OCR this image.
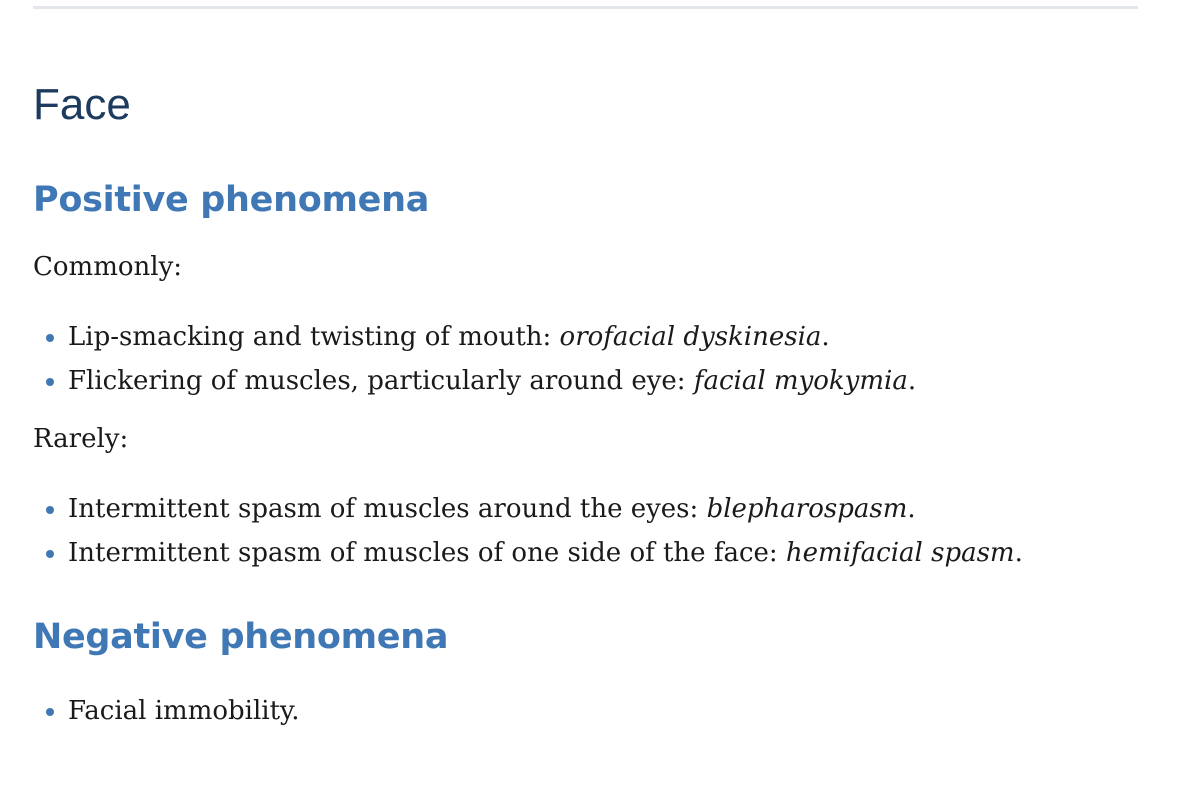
Face
Positive phenomena

Commonly:

Lip-smacking and twisting of mouth: orofacial dyskinesia.
Flickering of muscles, particularly around eye: facial myokymia.

Rarely:

Intermittent spasm of muscles around the eyes: blepharospasm.
Intermittent spasm of muscles of one side of the face: hemifacial spasm.
Negative phenomena
Facial immobility.
